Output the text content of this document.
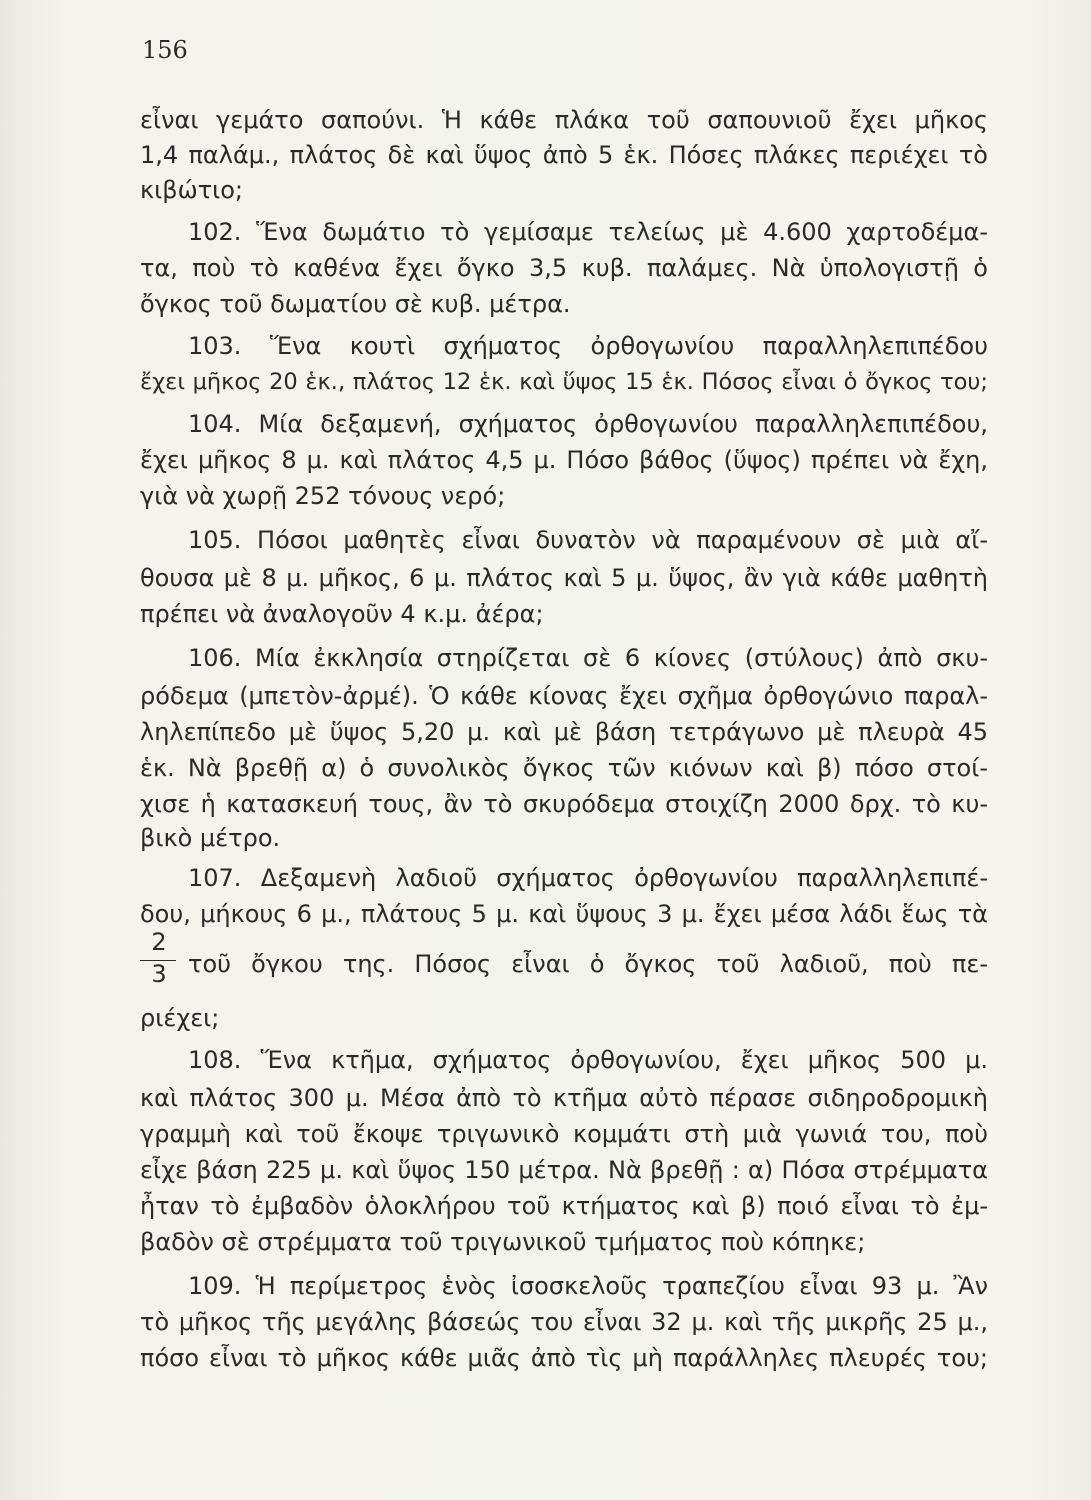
156
εἶναι γεμάτο σαπούνι. Ἡ κάθε πλάκα τοῦ σαπουνιοῦ ἔχει μῆκος
1,4 παλάμ., πλάτος δὲ καὶ ὕψος ἀπὸ 5 ἑκ. Πόσες πλάκες περιέχει τὸ
κιβώτιο;
102. Ἕνα δωμάτιο τὸ γεμίσαμε τελείως μὲ 4.600 χαρτοδέμα-
τα, ποὺ τὸ καθένα ἔχει ὄγκο 3,5 κυβ. παλάμες. Νὰ ὑπολογιστῇ ὁ
ὄγκος τοῦ δωματίου σὲ κυβ. μέτρα.
103. Ἕνα κουτὶ σχήματος ὀρθογωνίου παραλληλεπιπέδου
ἔχει μῆκος 20 ἑκ., πλάτος 12 ἑκ. καὶ ὕψος 15 ἑκ. Πόσος εἶναι ὁ ὄγκος του;
104. Μία δεξαμενή, σχήματος ὀρθογωνίου παραλληλεπιπέδου,
ἔχει μῆκος 8 μ. καὶ πλάτος 4,5 μ. Πόσο βάθος (ὕψος) πρέπει νὰ ἔχη,
γιὰ νὰ χωρῇ 252 τόνους νερό;
105. Πόσοι μαθητὲς εἶναι δυνατὸν νὰ παραμένουν σὲ μιὰ αἴ-
θουσα μὲ 8 μ. μῆκος, 6 μ. πλάτος καὶ 5 μ. ὕψος, ἂν γιὰ κάθε μαθητὴ
πρέπει νὰ ἀναλογοῦν 4 κ.μ. ἀέρα;
106. Μία ἐκκλησία στηρίζεται σὲ 6 κίονες (στύλους) ἀπὸ σκυ-
ρόδεμα (μπετὸν-ἀρμέ). Ὁ κάθε κίονας ἔχει σχῆμα ὀρθογώνιο παραλ-
ληλεπίπεδο μὲ ὕψος 5,20 μ. καὶ μὲ βάση τετράγωνο μὲ πλευρὰ 45
ἑκ. Νὰ βρεθῇ α) ὁ συνολικὸς ὄγκος τῶν κιόνων καὶ β) πόσο στοί-
χισε ἡ κατασκευή τους, ἂν τὸ σκυρόδεμα στοιχίζη 2000 δρχ. τὸ κυ-
βικὸ μέτρο.
107. Δεξαμενὴ λαδιοῦ σχήματος ὀρθογωνίου παραλληλεπιπέ-
δου, μήκους 6 μ., πλάτους 5 μ. καὶ ὕψους 3 μ. ἔχει μέσα λάδι ἕως τὰ
2
3 τοῦ ὄγκου της. Πόσος εἶναι ὁ ὄγκος τοῦ λαδιοῦ, ποὺ πε-
ριέχει;
108. Ἕνα κτῆμα, σχήματος ὀρθογωνίου, ἔχει μῆκος 500 μ.
καὶ πλάτος 300 μ. Μέσα ἀπὸ τὸ κτῆμα αὐτὸ πέρασε σιδηροδρομικὴ
γραμμὴ καὶ τοῦ ἔκοψε τριγωνικὸ κομμάτι στὴ μιὰ γωνιά του, ποὺ
εἶχε βάση 225 μ. καὶ ὕψος 150 μέτρα. Νὰ βρεθῇ : α) Πόσα στρέμματα
ἦταν τὸ ἐμβαδὸν ὁλοκλήρου τοῦ κτήματος καὶ β) ποιό εἶναι τὸ ἐμ-
βαδὸν σὲ στρέμματα τοῦ τριγωνικοῦ τμήματος ποὺ κόπηκε;
109. Ἡ περίμετρος ἑνὸς ἰσοσκελοῦς τραπεζίου εἶναι 93 μ. Ἂν
τὸ μῆκος τῆς μεγάλης βάσεώς του εἶναι 32 μ. καὶ τῆς μικρῆς 25 μ.,
πόσο εἶναι τὸ μῆκος κάθε μιᾶς ἀπὸ τὶς μὴ παράλληλες πλευρές του;
